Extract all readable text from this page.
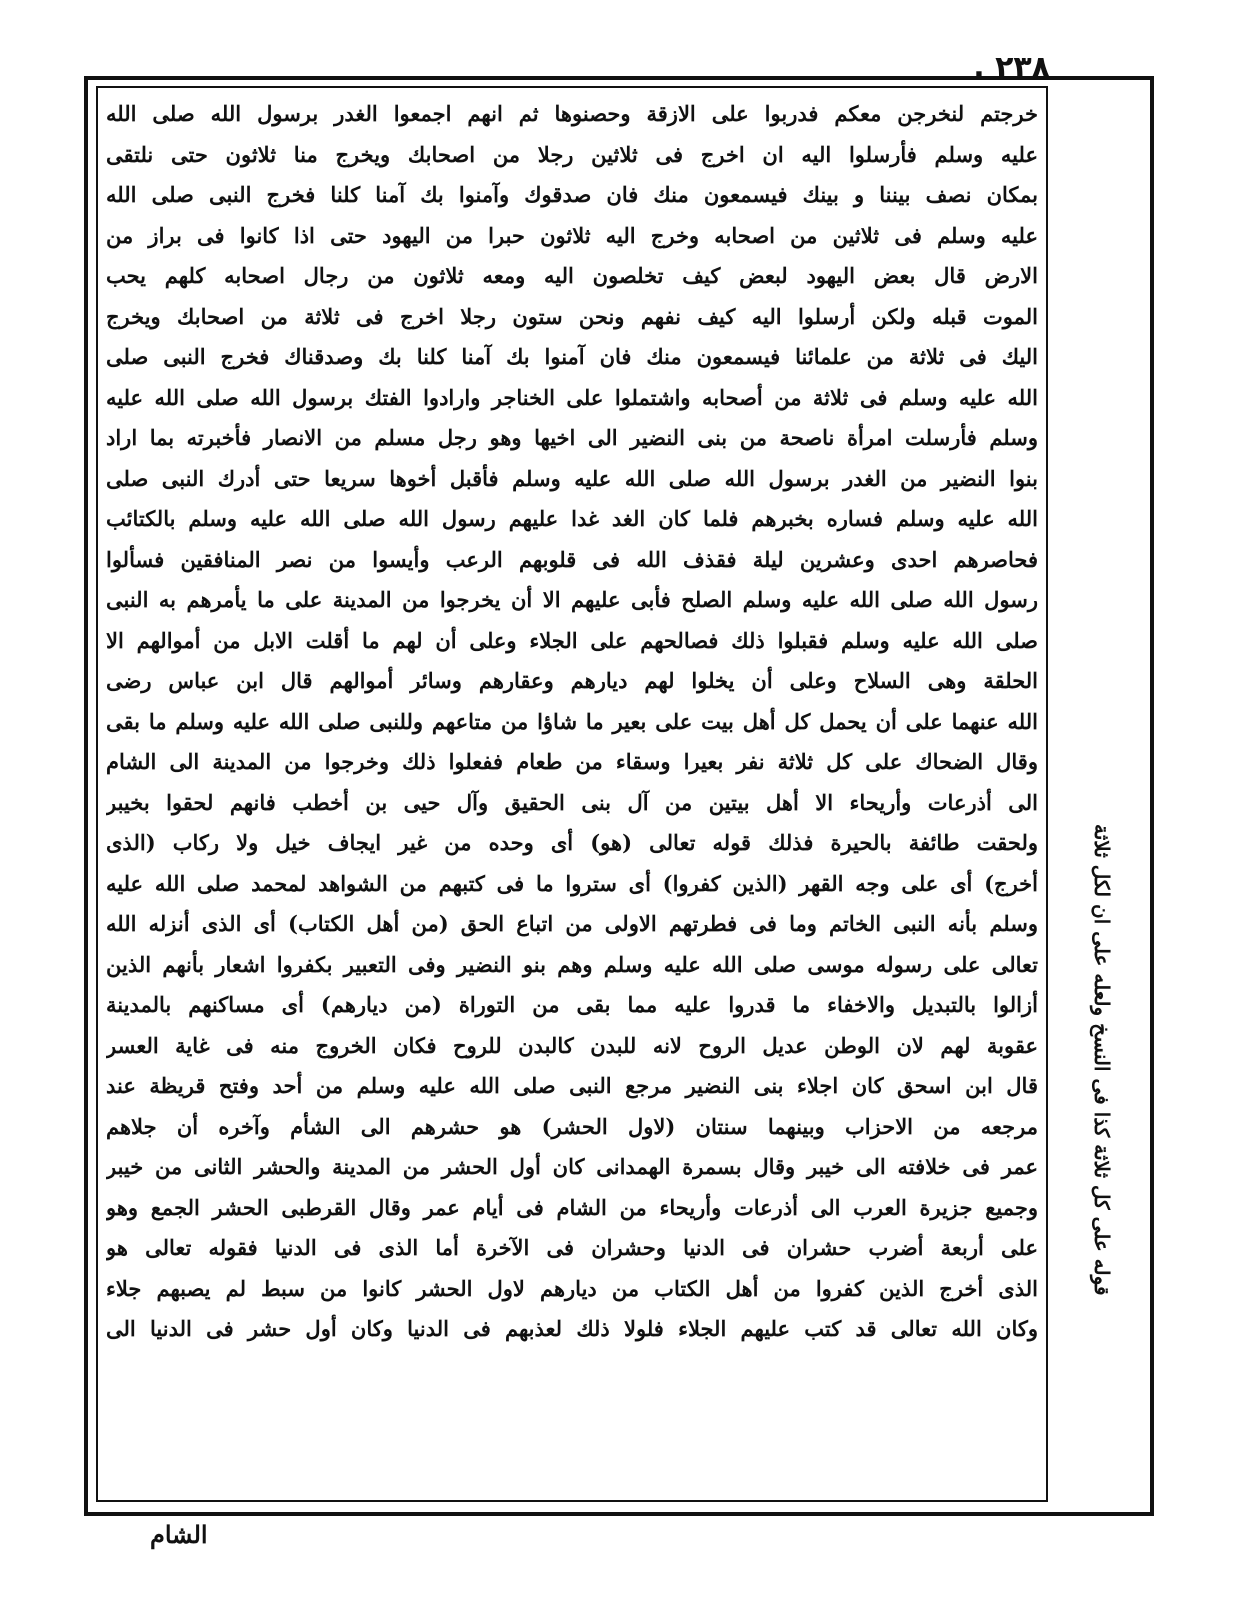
. ٢٣٨
خرجتم لنخرجن معكم فدربوا على الازقة وحصنوها ثم انهم اجمعوا الغدر برسول الله صلى الله
عليه وسلم فأرسلوا اليه ان اخرج فى ثلاثين رجلا من اصحابك ويخرج منا ثلاثون حتى نلتقى
بمكان نصف بيننا و بينك فيسمعون منك فان صدقوك وآمنوا بك آمنا كلنا فخرج النبى صلى الله
عليه وسلم فى ثلاثين من اصحابه وخرج اليه ثلاثون حبرا من اليهود حتى اذا كانوا فى براز من
الارض قال بعض اليهود لبعض كيف تخلصون اليه ومعه ثلاثون من رجال اصحابه كلهم يحب
الموت قبله ولكن أرسلوا اليه كيف نفهم ونحن ستون رجلا اخرج فى ثلاثة من اصحابك ويخرج
اليك فى ثلاثة من علمائنا فيسمعون منك فان آمنوا بك آمنا كلنا بك وصدقناك فخرج النبى صلى
الله عليه وسلم فى ثلاثة من أصحابه واشتملوا على الخناجر وارادوا الفتك برسول الله صلى الله عليه
وسلم فأرسلت امرأة ناصحة من بنى النضير الى اخيها وهو رجل مسلم من الانصار فأخبرته بما اراد
بنوا النضير من الغدر برسول الله صلى الله عليه وسلم فأقبل أخوها سريعا حتى أدرك النبى صلى
الله عليه وسلم فساره بخبرهم فلما كان الغد غدا عليهم رسول الله صلى الله عليه وسلم بالكتائب
فحاصرهم احدى وعشرين ليلة فقذف الله فى قلوبهم الرعب وأيسوا من نصر المنافقين فسألوا
رسول الله صلى الله عليه وسلم الصلح فأبى عليهم الا أن يخرجوا من المدينة على ما يأمرهم به النبى
صلى الله عليه وسلم فقبلوا ذلك فصالحهم على الجلاء وعلى أن لهم ما أقلت الابل من أموالهم الا
الحلقة وهى السلاح وعلى أن يخلوا لهم ديارهم وعقارهم وسائر أموالهم قال ابن عباس رضى
الله عنهما على أن يحمل كل أهل بيت على بعير ما شاؤا من متاعهم وللنبى صلى الله عليه وسلم ما بقى
وقال الضحاك على كل ثلاثة نفر بعيرا وسقاء من طعام ففعلوا ذلك وخرجوا من المدينة الى الشام
الى أذرعات وأريحاء الا أهل بيتين من آل بنى الحقيق وآل حيى بن أخطب فانهم لحقوا بخيبر
ولحقت طائفة بالحيرة فذلك قوله تعالى (هو) أى وحده من غير ايجاف خيل ولا ركاب (الذى
أخرج) أى على وجه القهر (الذين كفروا) أى ستروا ما فى كتبهم من الشواهد لمحمد صلى الله عليه
وسلم بأنه النبى الخاتم وما فى فطرتهم الاولى من اتباع الحق (من أهل الكتاب) أى الذى أنزله الله
تعالى على رسوله موسى صلى الله عليه وسلم وهم بنو النضير وفى التعبير بكفروا اشعار بأنهم الذين
أزالوا بالتبديل والاخفاء ما قدروا عليه مما بقى من التوراة (من ديارهم) أى مساكنهم بالمدينة
عقوبة لهم لان الوطن عديل الروح لانه للبدن كالبدن للروح فكان الخروج منه فى غاية العسر
قال ابن اسحق كان اجلاء بنى النضير مرجع النبى صلى الله عليه وسلم من أحد وفتح قريظة عند
مرجعه من الاحزاب وبينهما سنتان (لاول الحشر) هو حشرهم الى الشأم وآخره أن جلاهم
عمر فى خلافته الى خيبر وقال بسمرة الهمدانى كان أول الحشر من المدينة والحشر الثانى من خيبر
وجميع جزيرة العرب الى أذرعات وأريحاء من الشام فى أيام عمر وقال القرطبى الحشر الجمع وهو
على أربعة أضرب حشران فى الدنيا وحشران فى الآخرة أما الذى فى الدنيا فقوله تعالى هو
الذى أخرج الذين كفروا من أهل الكتاب من ديارهم لاول الحشر كانوا من سبط لم يصبهم جلاء
وكان الله تعالى قد كتب عليهم الجلاء فلولا ذلك لعذبهم فى الدنيا وكان أول حشر فى الدنيا الى
قوله على كل ثلاثة كذا فى النسخ ولعله على ان لكل ثلاثة
الشام
